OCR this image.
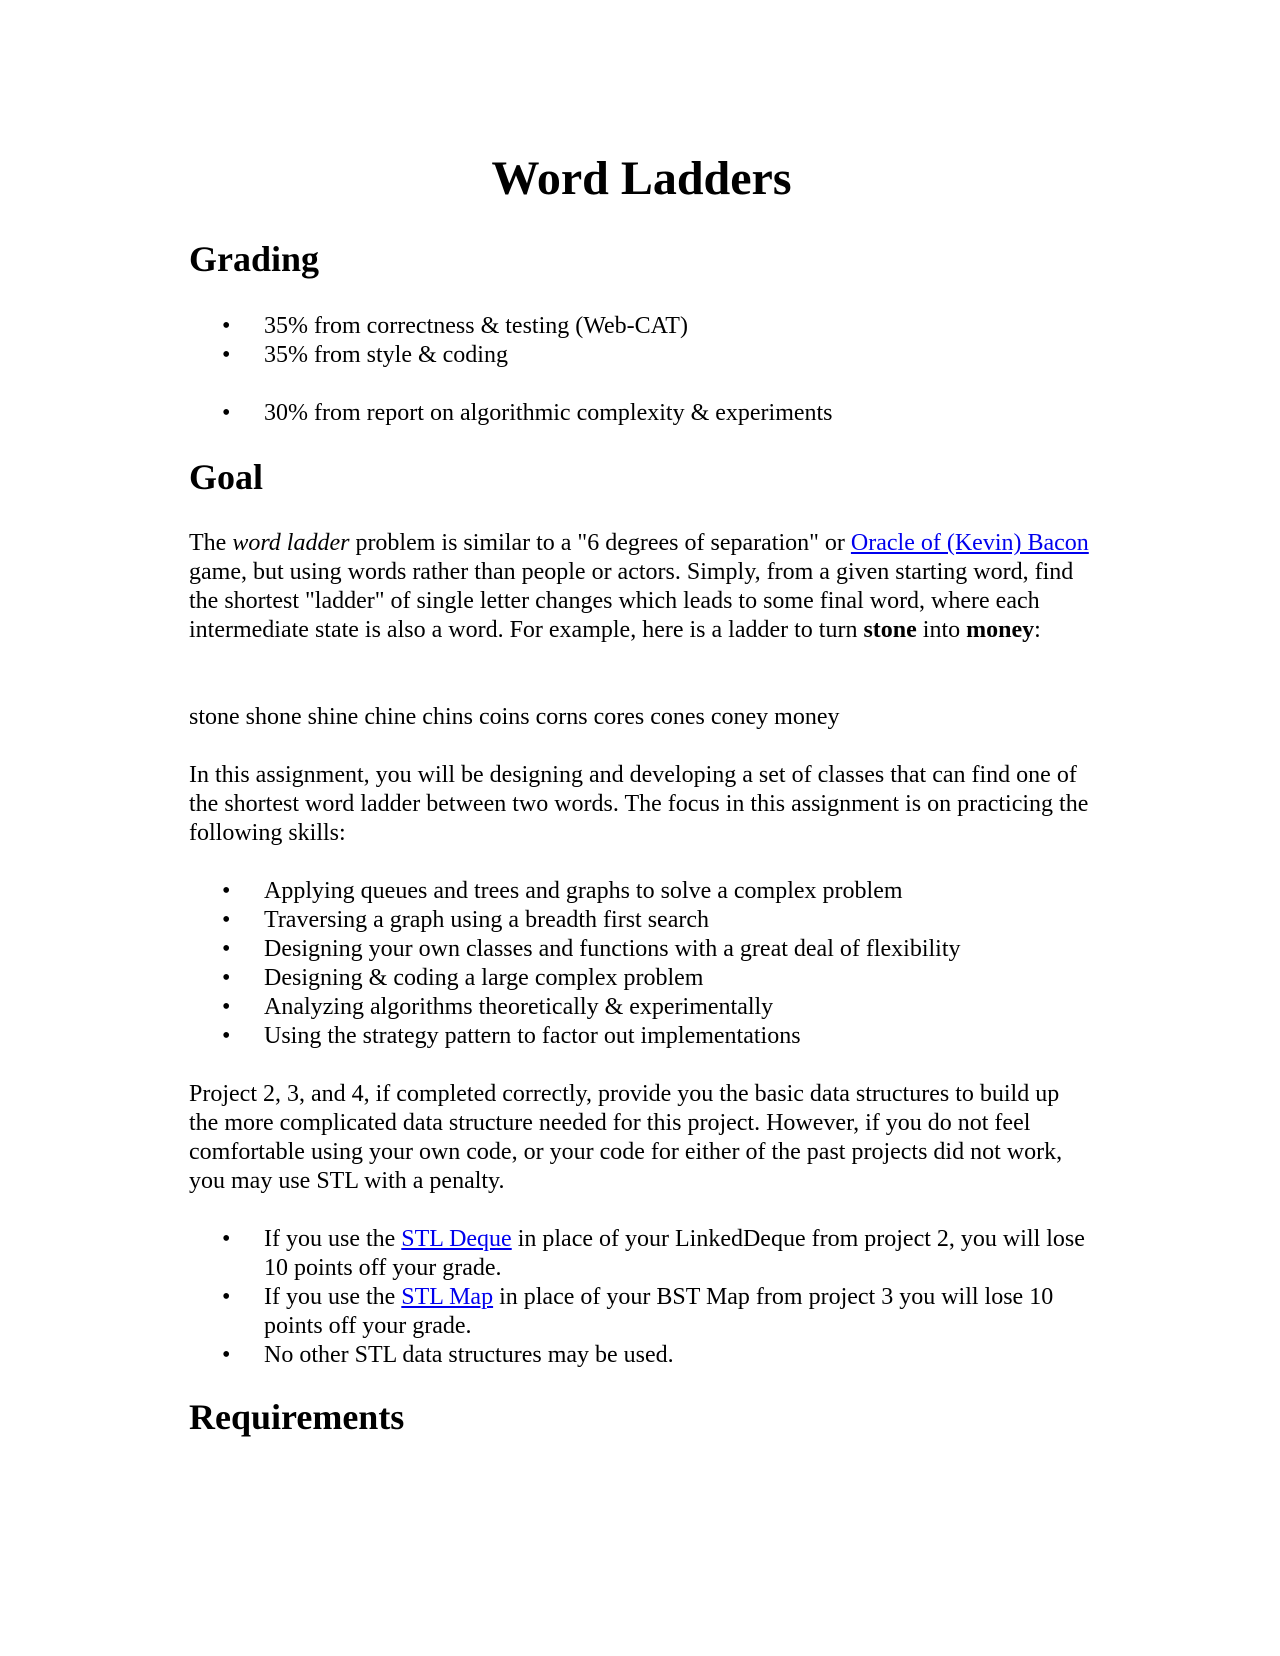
Word Ladders
Grading
• 35% from correctness & testing (Web-CAT)
• 35% from style & coding
• 30% from report on algorithmic complexity & experiments
Goal

The word ladder problem is similar to a "6 degrees of separation" or Oracle of (Kevin) Bacon game, but using words rather than people or actors. Simply, from a given starting word, find the shortest "ladder" of single letter changes which leads to some final word, where each intermediate state is also a word. For example, here is a ladder to turn stone into money:

stone shone shine chine chins coins corns cores cones coney money

In this assignment, you will be designing and developing a set of classes that can find one of the shortest word ladder between two words. The focus in this assignment is on practicing the following skills:

• Applying queues and trees and graphs to solve a complex problem
• Traversing a graph using a breadth first search
• Designing your own classes and functions with a great deal of flexibility
• Designing & coding a large complex problem
• Analyzing algorithms theoretically & experimentally
• Using the strategy pattern to factor out implementations

Project 2, 3, and 4, if completed correctly, provide you the basic data structures to build up the more complicated data structure needed for this project. However, if you do not feel comfortable using your own code, or your code for either of the past projects did not work, you may use STL with a penalty.

• If you use the STL Deque in place of your LinkedDeque from project 2, you will lose 10 points off your grade.
• If you use the STL Map in place of your BST Map from project 3 you will lose 10 points off your grade.
• No other STL data structures may be used.
Requirements
